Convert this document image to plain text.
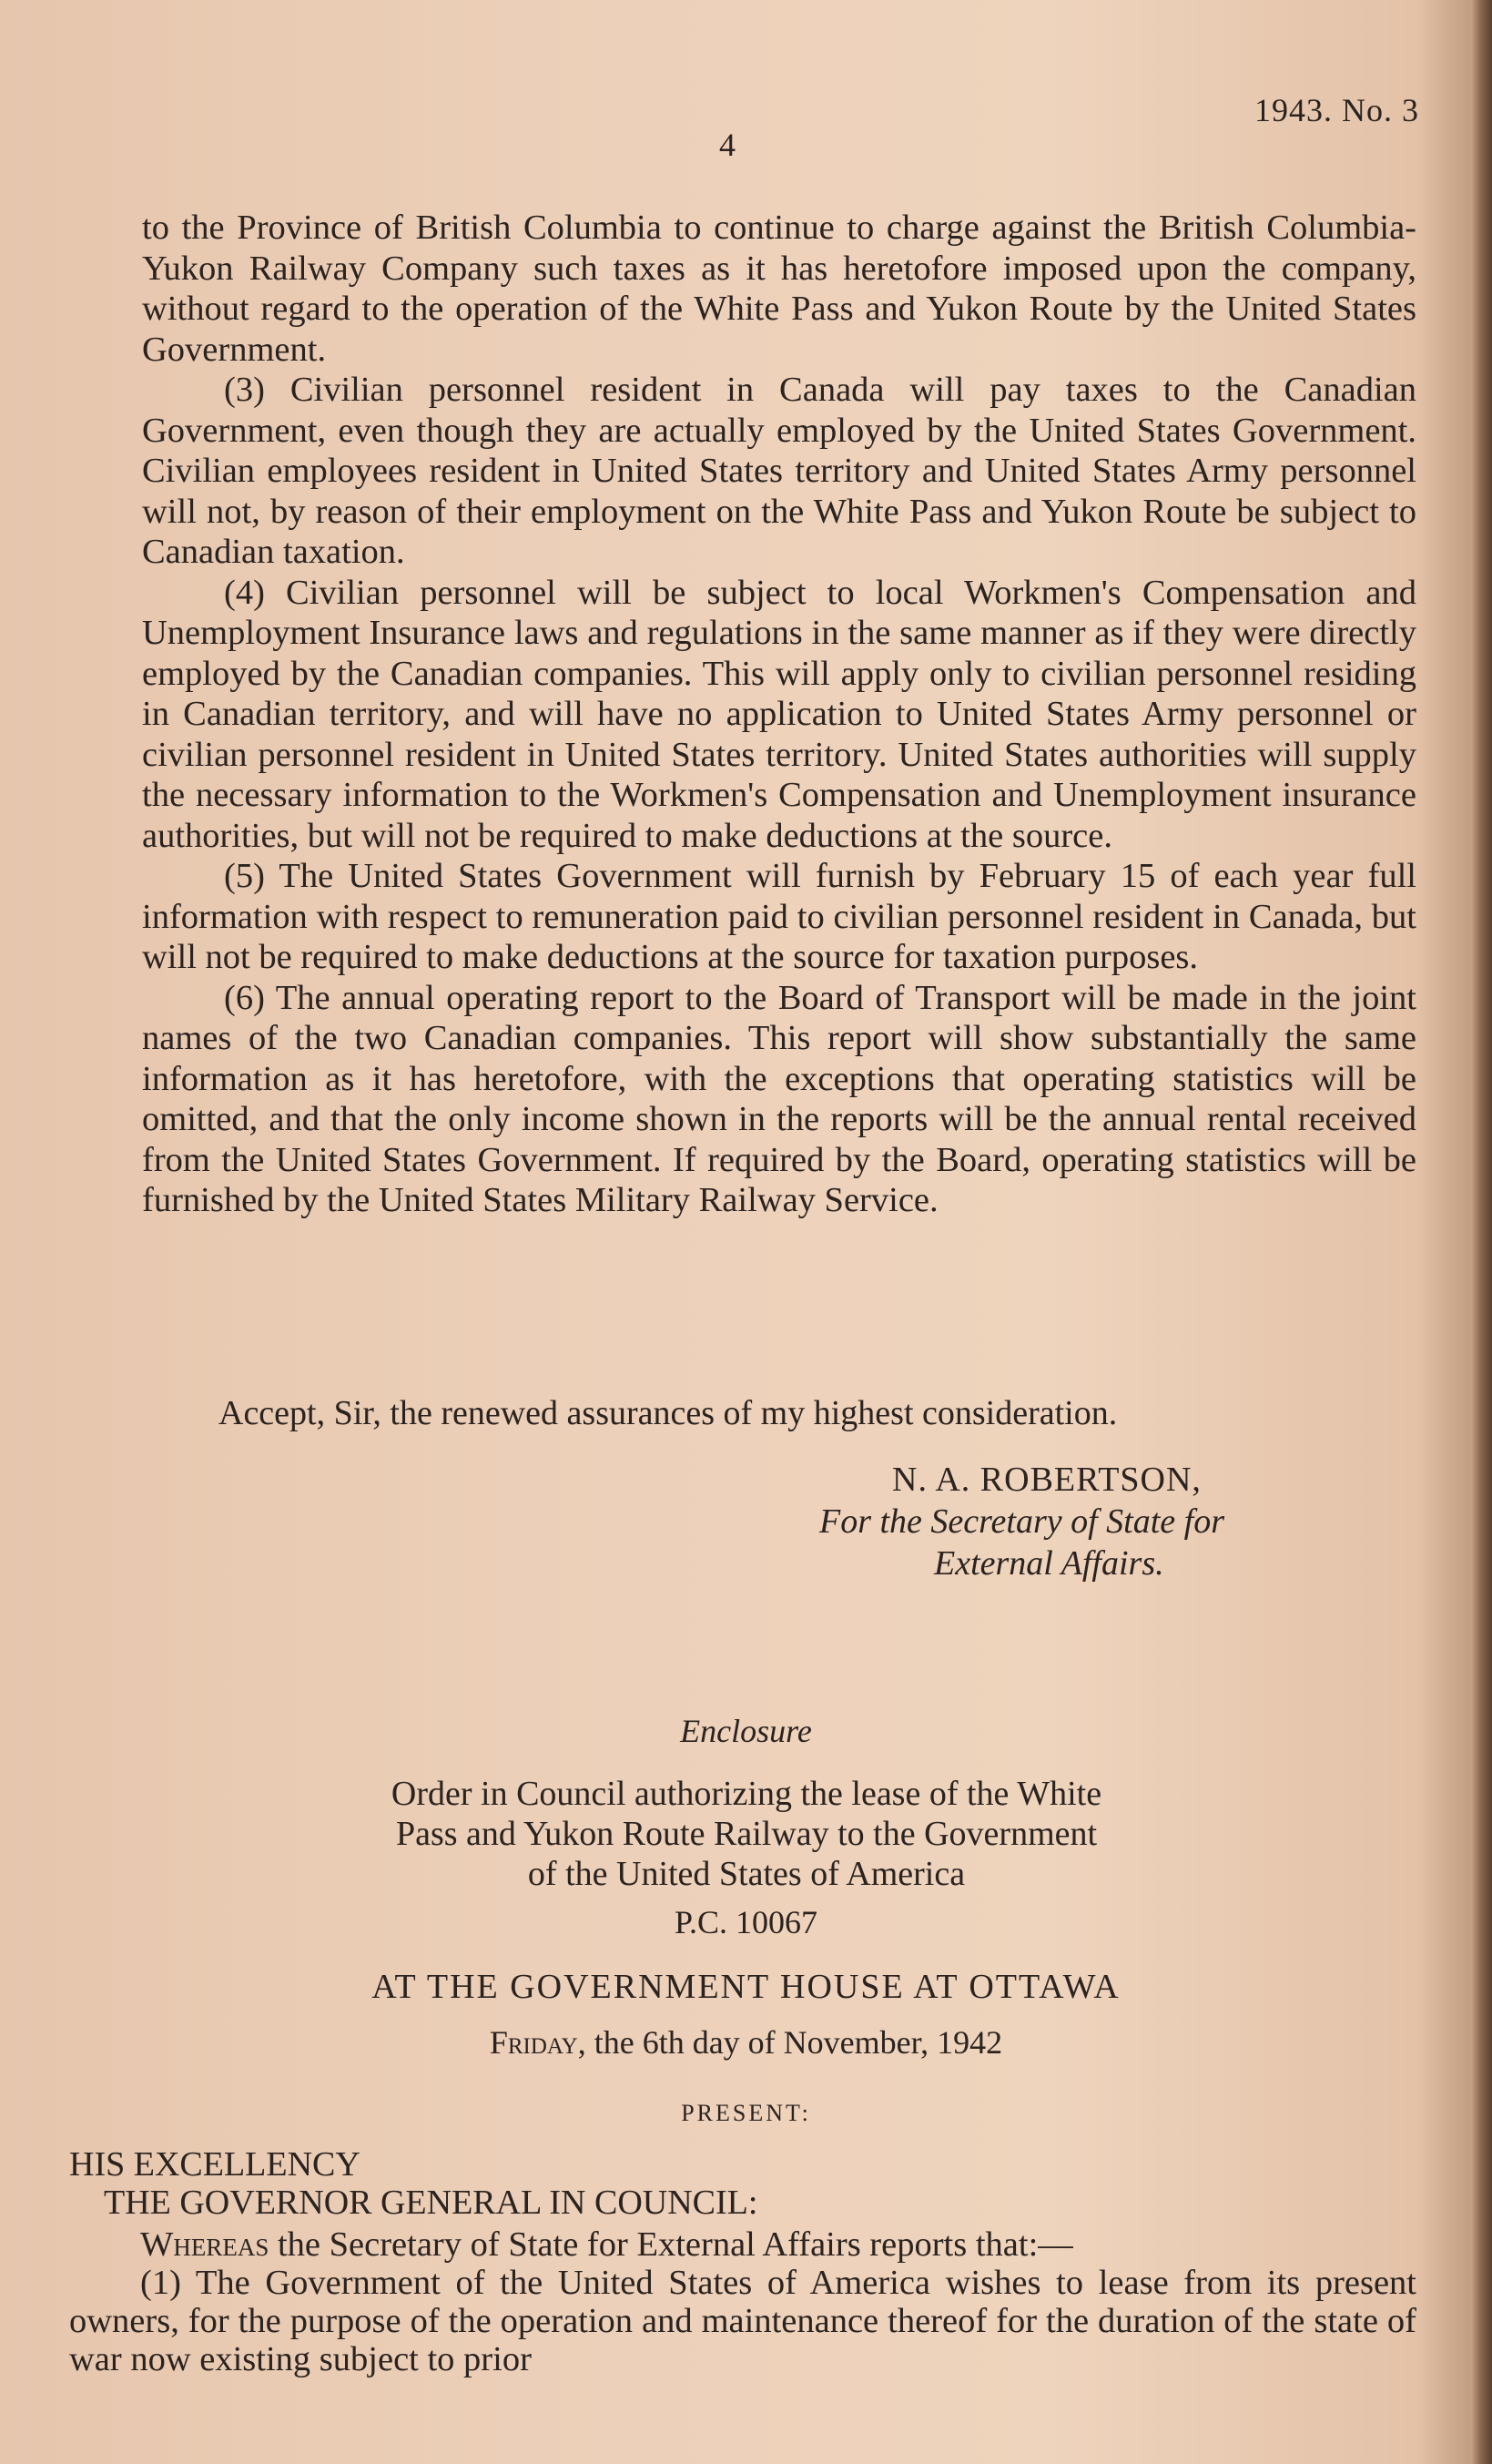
4
1943. No. 3

to the Province of British Columbia to continue to charge against the British Columbia-Yukon Railway Company such taxes as it has heretofore imposed upon the company, without regard to the operation of the White Pass and Yukon Route by the United States Government.

(3) Civilian personnel resident in Canada will pay taxes to the Canadian Government, even though they are actually employed by the United States Government. Civilian employees resident in United States territory and United States Army personnel will not, by reason of their employment on the White Pass and Yukon Route be subject to Canadian taxation.

(4) Civilian personnel will be subject to local Workmen's Compensation and Unemployment Insurance laws and regulations in the same manner as if they were directly employed by the Canadian companies. This will apply only to civilian personnel residing in Canadian territory, and will have no application to United States Army personnel or civilian personnel resident in United States territory. United States authorities will supply the necessary information to the Workmen's Compensation and Unemployment insurance authorities, but will not be required to make deductions at the source.

(5) The United States Government will furnish by February 15 of each year full information with respect to remuneration paid to civilian personnel resident in Canada, but will not be required to make deductions at the source for taxation purposes.

(6) The annual operating report to the Board of Transport will be made in the joint names of the two Canadian companies. This report will show substantially the same information as it has heretofore, with the exceptions that operating statistics will be omitted, and that the only income shown in the reports will be the annual rental received from the United States Government. If required by the Board, operating statistics will be furnished by the United States Military Railway Service.

Accept, Sir, the renewed assurances of my highest consideration.
N. A. ROBERTSON,
For the Secretary of State for
External Affairs.
Enclosure
Order in Council authorizing the lease of the White
Pass and Yukon Route Railway to the Government
of the United States of America
P.C. 10067
AT THE GOVERNMENT HOUSE AT OTTAWA
Friday, the 6th day of November, 1942
PRESENT:
HIS EXCELLENCY
THE GOVERNOR GENERAL IN COUNCIL:

Whereas the Secretary of State for External Affairs reports that:—

(1) The Government of the United States of America wishes to lease from its present owners, for the purpose of the operation and maintenance thereof for the duration of the state of war now existing subject to prior
